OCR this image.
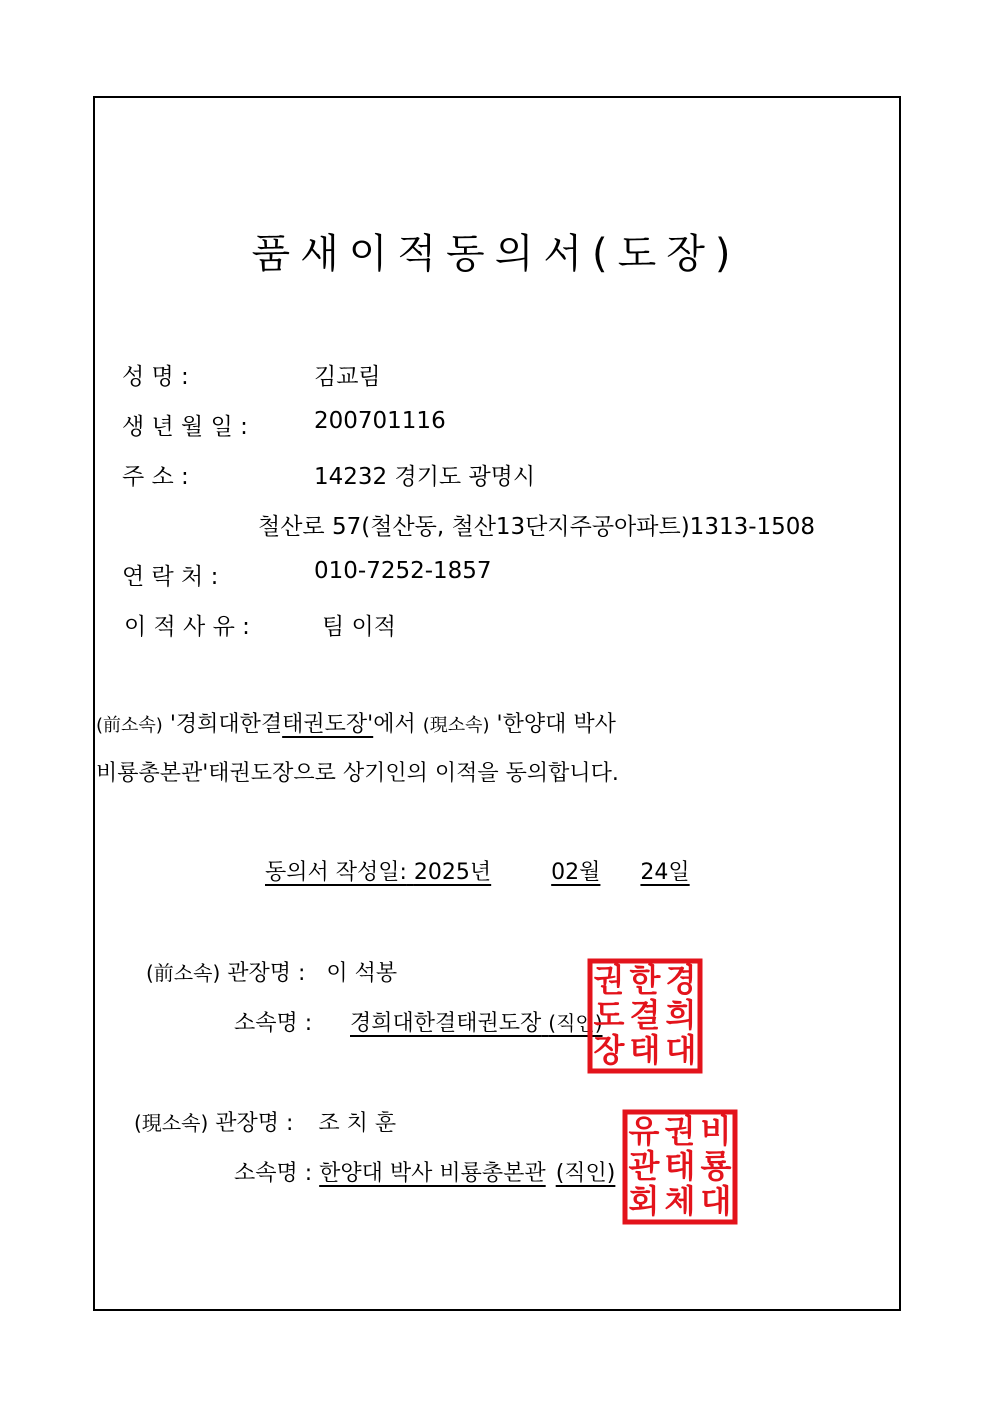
품새이적동의서(도장)
성 명 :	김교림
생 년 월 일 :	200701116
주 소 :	14232 경기도 광명시
철산로 57(철산동, 철산13단지주공아파트)1313-1508
연 락 처 :	010-7252-1857
이 적 사 유 :	팀 이적
(前소속) '경희대한결태권도장'에서 (現소속) '한양대 박사
비룡총본관'태권도장으로 상기인의 이적을 동의합니다.
동의서 작성일: 2025년	02월 24일
(前소속) 관장명 : 이 석봉
소속명 : 경희대한결태권도장 (직인)
(現소속) 관장명 : 조 치 훈
소속명 : 한양대 박사 비룡총본관 (직인)
경
희
대
한
결
태
권
도
장
비
룡
대
권
태
체
유
관
회
